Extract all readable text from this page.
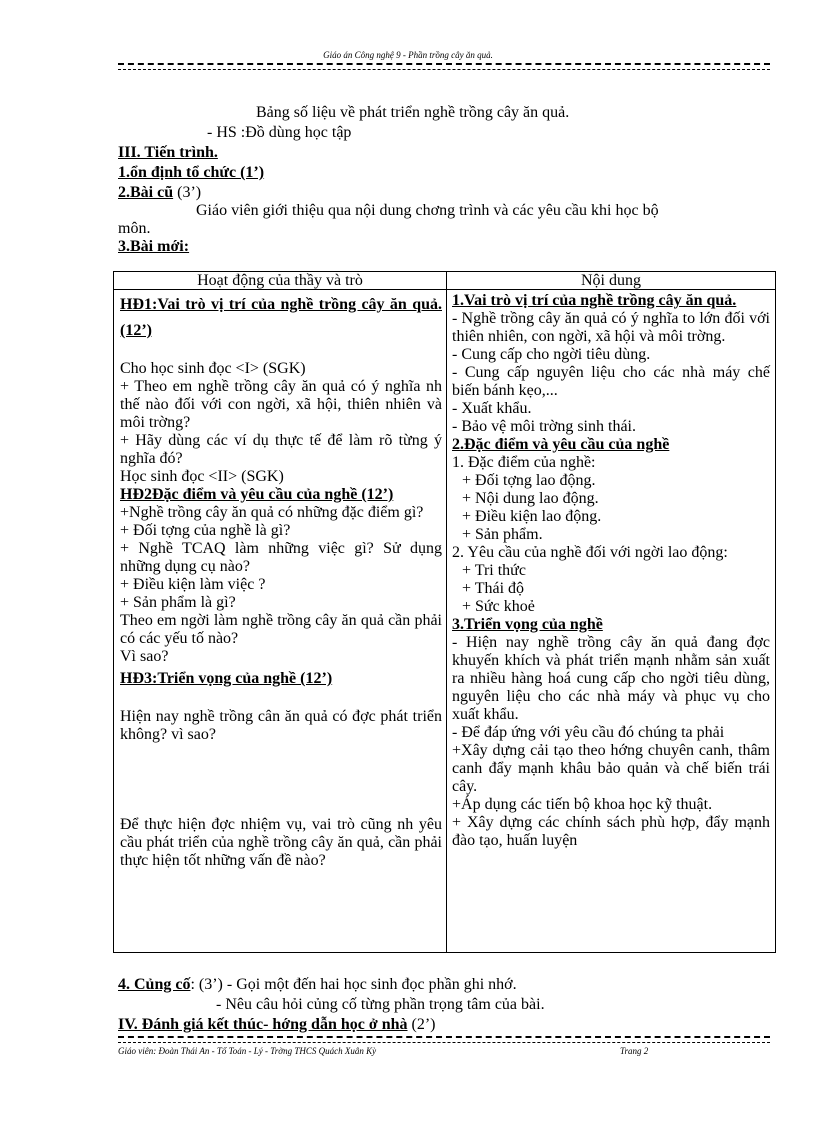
Giáo án Công nghệ 9 - Phần trồng cây ăn quả.
Bảng số liệu về phát triển nghề trồng cây ăn quả.
- HS :Đồ dùng học tập
III. Tiến trình.
1.ổn định tổ chức (1’)
2.Bài cũ (3’)
Giáo viên giới thiệu qua nội dung chơng trình và các yêu cầu khi học bộ
môn.
3.Bài mới:
Hoạt động của thầy và trò	Nội dung

HĐ1:Vai trò vị trí của nghề trồng cây ăn quả. (12’)

Cho học sinh đọc <I> (SGK)

+ Theo em nghề trồng cây ăn quả có ý nghĩa nh thế nào đối với con ngời, xã hội, thiên nhiên và môi trờng?

+ Hãy dùng các ví dụ thực tế để làm rõ từng ý nghĩa đó?

Học sinh đọc <II> (SGK)

HĐ2Đặc điểm và yêu cầu của nghề (12’)

+Nghề trồng cây ăn quả có những đặc điểm gì?

+ Đối tợng của nghề là gì?

+ Nghề TCAQ làm những việc gì? Sử dụng những dụng cụ nào?

+ Điều kiện làm việc ?

+ Sản phẩm là gì?

Theo em ngời làm nghề trồng cây ăn quả cần phải có các yếu tố nào?

Vì sao?

HĐ3:Triển vọng của nghề (12’)

Hiện nay nghề trồng cân ăn quả có đợc phát triển không? vì sao?

Để thực hiện đợc nhiệm vụ, vai trò cũng nh yêu cầu phát triển của nghề trồng cây ăn quả, cần phải thực hiện tốt những vấn đề nào?

1.Vai trò vị trí của nghề trồng cây ăn quả.

- Nghề trồng cây ăn quả có ý nghĩa to lớn đối với thiên nhiên, con ngời, xã hội và môi trờng.

- Cung cấp cho ngời tiêu dùng.

- Cung cấp nguyên liệu cho các nhà máy chế biến bánh kẹo,...

- Xuất khẩu.

- Bảo vệ môi trờng sinh thái.

2.Đặc điểm và yêu cầu của nghề

1. Đặc điểm của nghề:

+ Đối tợng lao động.

+ Nội dung lao động.

+ Điều kiện lao động.

+ Sản phẩm.

2. Yêu cầu của nghề đối với ngời lao động:

+ Tri thức

+ Thái độ

+ Sức khoẻ

3.Triển vọng của nghề

- Hiện nay nghề trồng cây ăn quả đang đợc khuyến khích và phát triển mạnh nhằm sản xuất ra nhiều hàng hoá cung cấp cho ngời tiêu dùng, nguyên liệu cho các nhà máy và phục vụ cho xuất khẩu.

- Để đáp ứng với yêu cầu đó chúng ta phải

+Xây dựng cải tạo theo hớng chuyên canh, thâm canh đẩy mạnh khâu bảo quản và chế biến trái cây.

+Áp dụng các tiến bộ khoa học kỹ thuật.

+ Xây dựng các chính sách phù hợp, đẩy mạnh đào tạo, huấn luyện

4. Củng cố: (3’) - Gọi một đến hai học sinh đọc phần ghi nhớ.
- Nêu câu hỏi củng cố từng phần trọng tâm của bài.
IV. Đánh giá kết thúc- hớng dẫn học ở nhà (2’)
Giáo viên: Đoàn Thái An - Tổ Toán - Lý - Trờng THCS Quách Xuân Kỳ	Trang 2
